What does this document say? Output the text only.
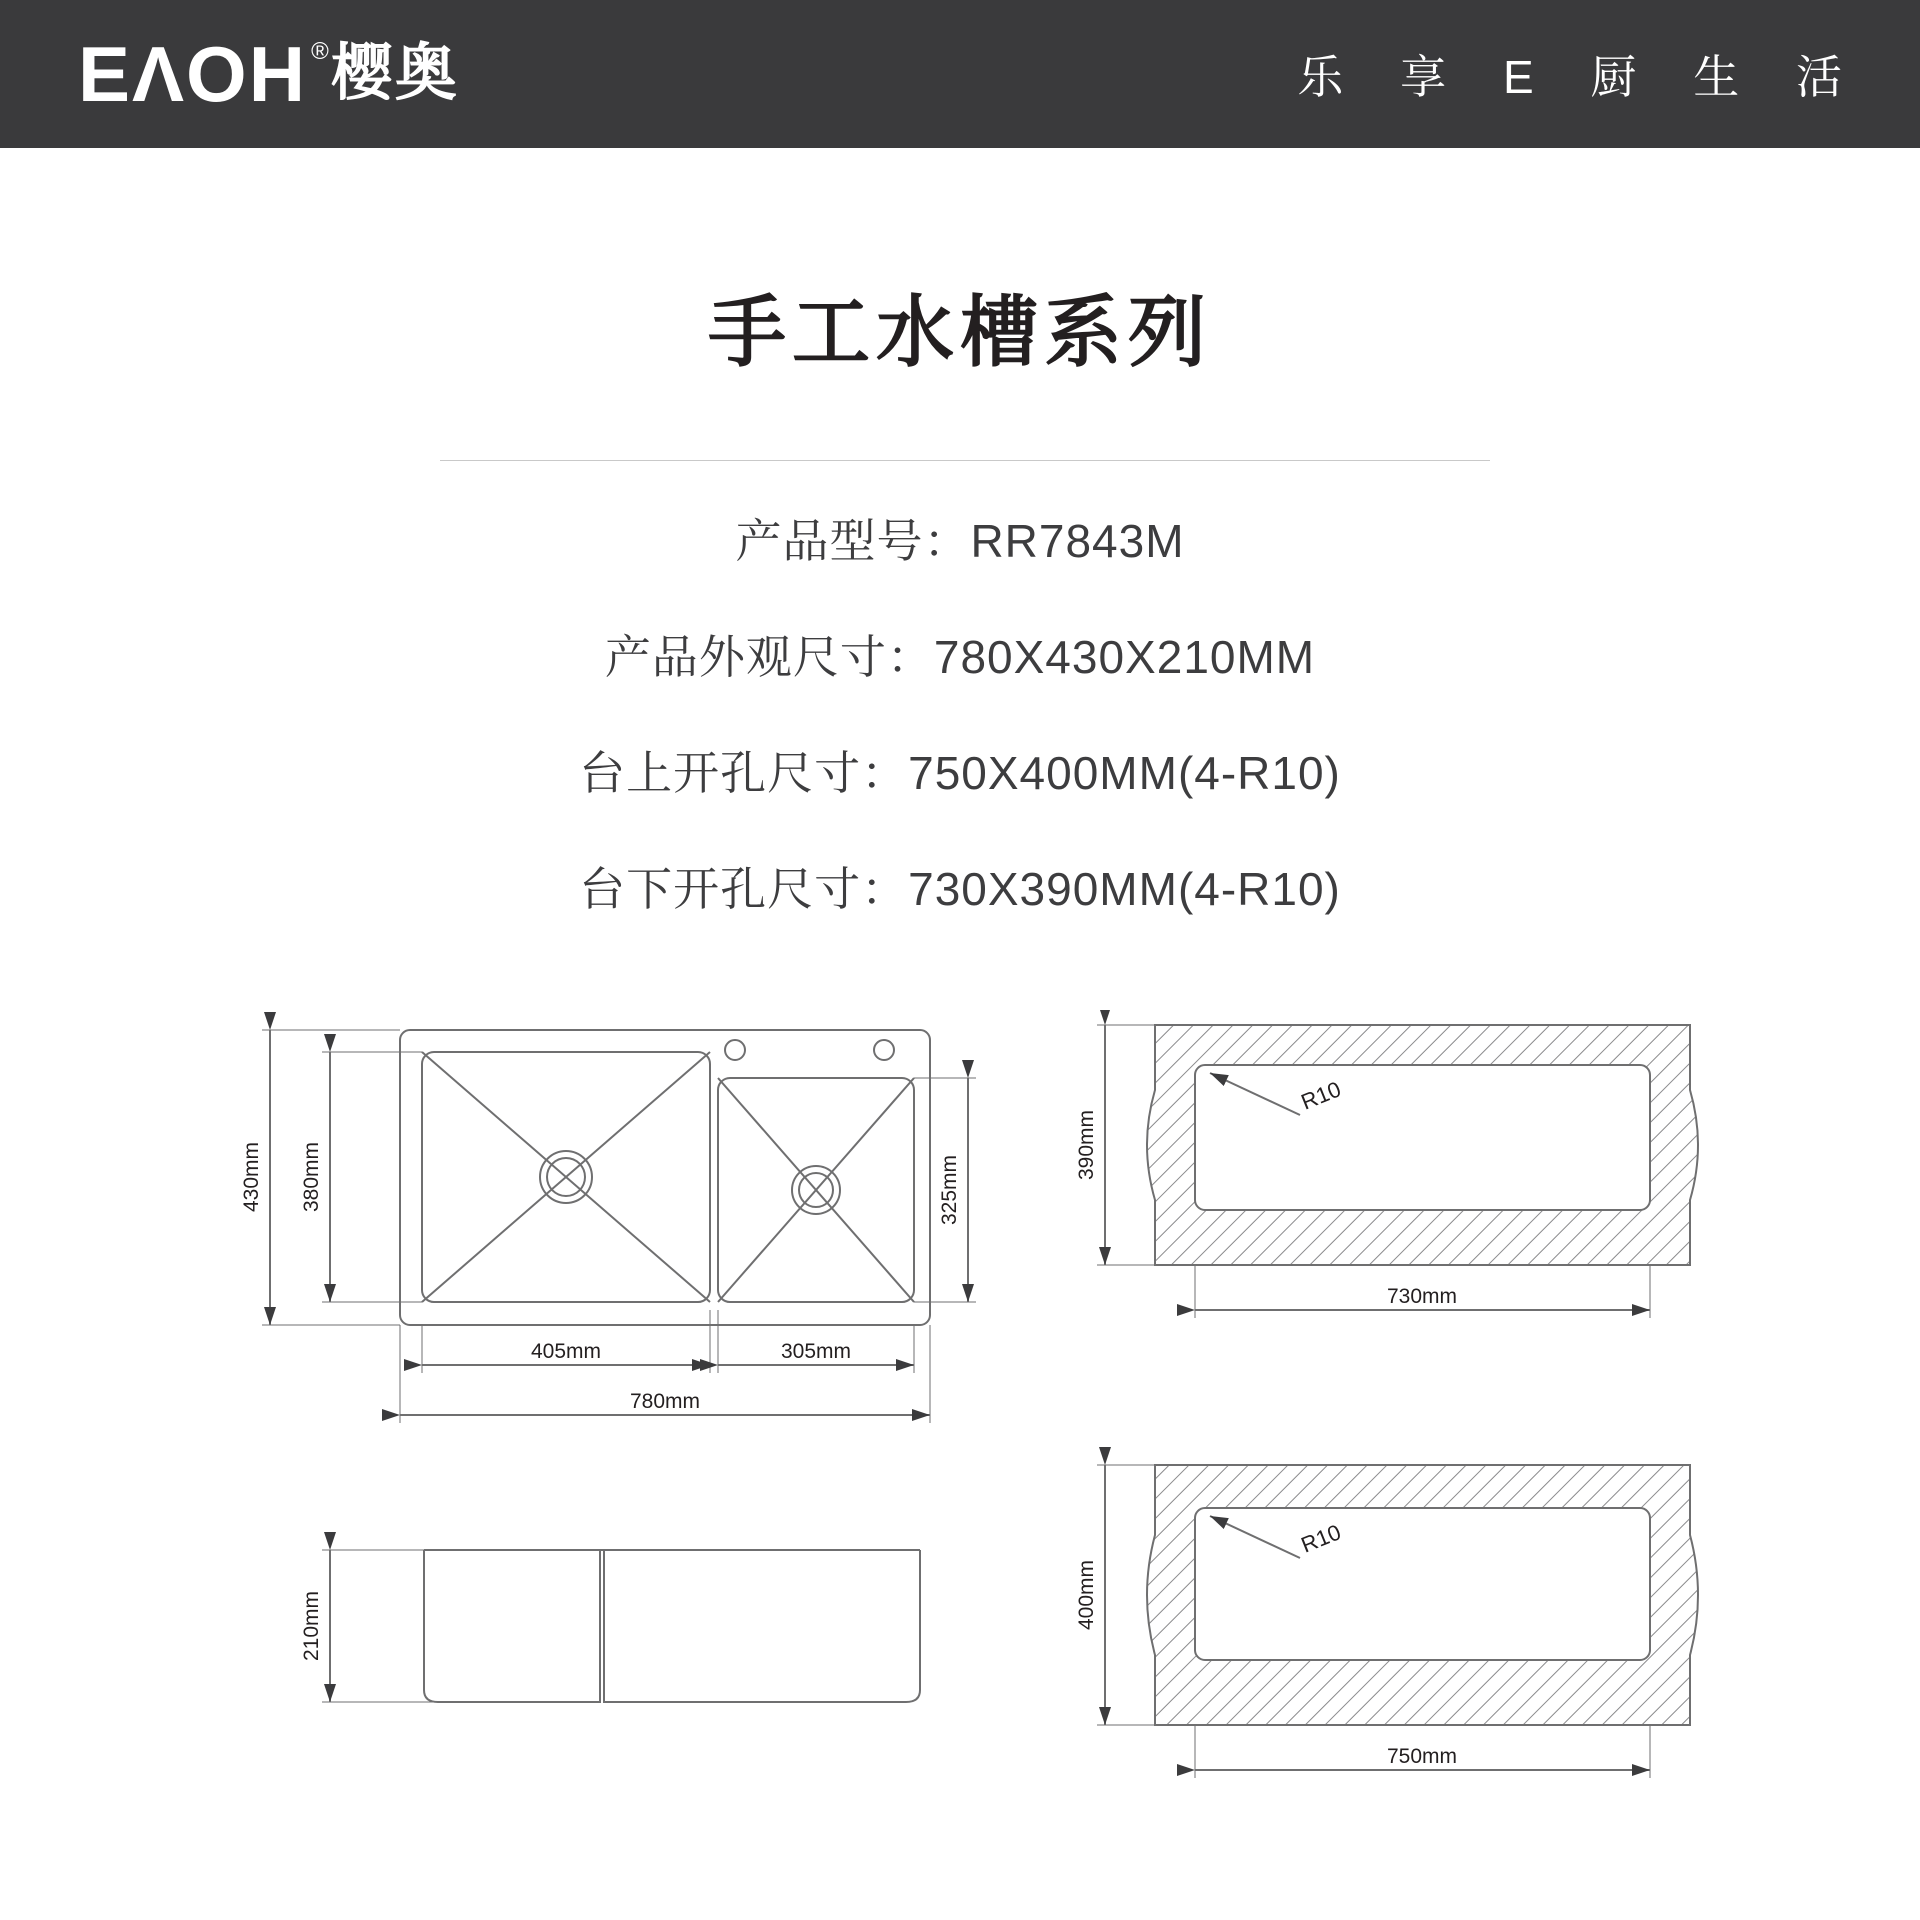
EΛOH ® 樱奥	乐 享 E 厨 生 活
手工水槽系列
产品型号：RR7843M
产品外观尺寸：780X430X210MM
台上开孔尺寸：750X400MM(4-R10)
台下开孔尺寸：730X390MM(4-R10)
430mm 380mm	325mm
405mm	305mm
780mm
210mm
390mm
730mm
R10
400mm
750mm
R10
